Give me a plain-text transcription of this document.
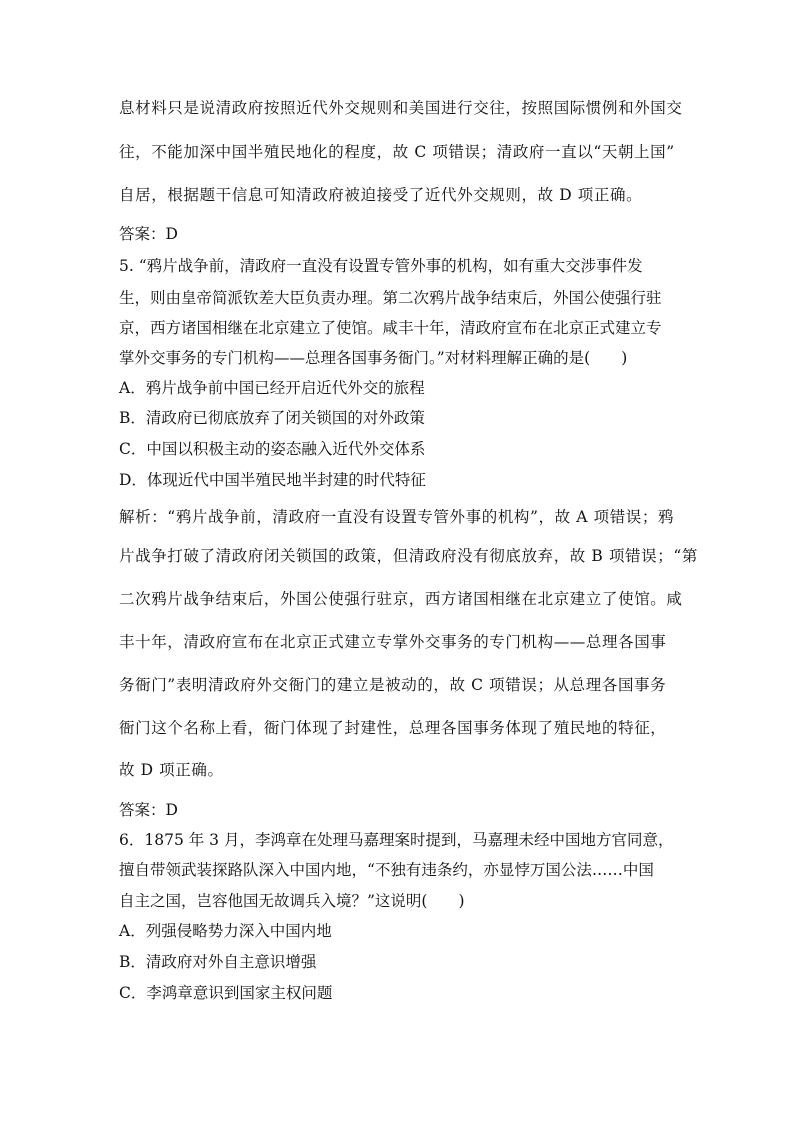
息材料只是说清政府按照近代外交规则和美国进行交往，按照国际惯例和外国交
往，不能加深中国半殖民地化的程度，故 C 项错误；清政府一直以“天朝上国”
自居，根据题干信息可知清政府被迫接受了近代外交规则，故 D 项正确。
答案：D
5. “鸦片战争前，清政府一直没有设置专管外事的机构，如有重大交涉事件发
生，则由皇帝简派钦差大臣负责办理。第二次鸦片战争结束后，外国公使强行驻
京，西方诸国相继在北京建立了使馆。咸丰十年，清政府宣布在北京正式建立专
掌外交事务的专门机构——总理各国事务衙门。”对材料理解正确的是(　　)
A．鸦片战争前中国已经开启近代外交的旅程
B．清政府已彻底放弃了闭关锁国的对外政策
C．中国以积极主动的姿态融入近代外交体系
D．体现近代中国半殖民地半封建的时代特征
解析：“鸦片战争前，清政府一直没有设置专管外事的机构”，故 A 项错误；鸦
片战争打破了清政府闭关锁国的政策，但清政府没有彻底放弃，故 B 项错误；“第
二次鸦片战争结束后，外国公使强行驻京，西方诸国相继在北京建立了使馆。咸
丰十年，清政府宣布在北京正式建立专掌外交事务的专门机构——总理各国事
务衙门”表明清政府外交衙门的建立是被动的，故 C 项错误；从总理各国事务
衙门这个名称上看，衙门体现了封建性，总理各国事务体现了殖民地的特征，
故 D 项正确。
答案：D
6．1875 年 3 月，李鸿章在处理马嘉理案时提到，马嘉理未经中国地方官同意，
擅自带领武装探路队深入中国内地，“不独有违条约，亦显悖万国公法……中国
自主之国，岂容他国无故调兵入境？”这说明(　　)
A．列强侵略势力深入中国内地
B．清政府对外自主意识增强
C．李鸿章意识到国家主权问题
